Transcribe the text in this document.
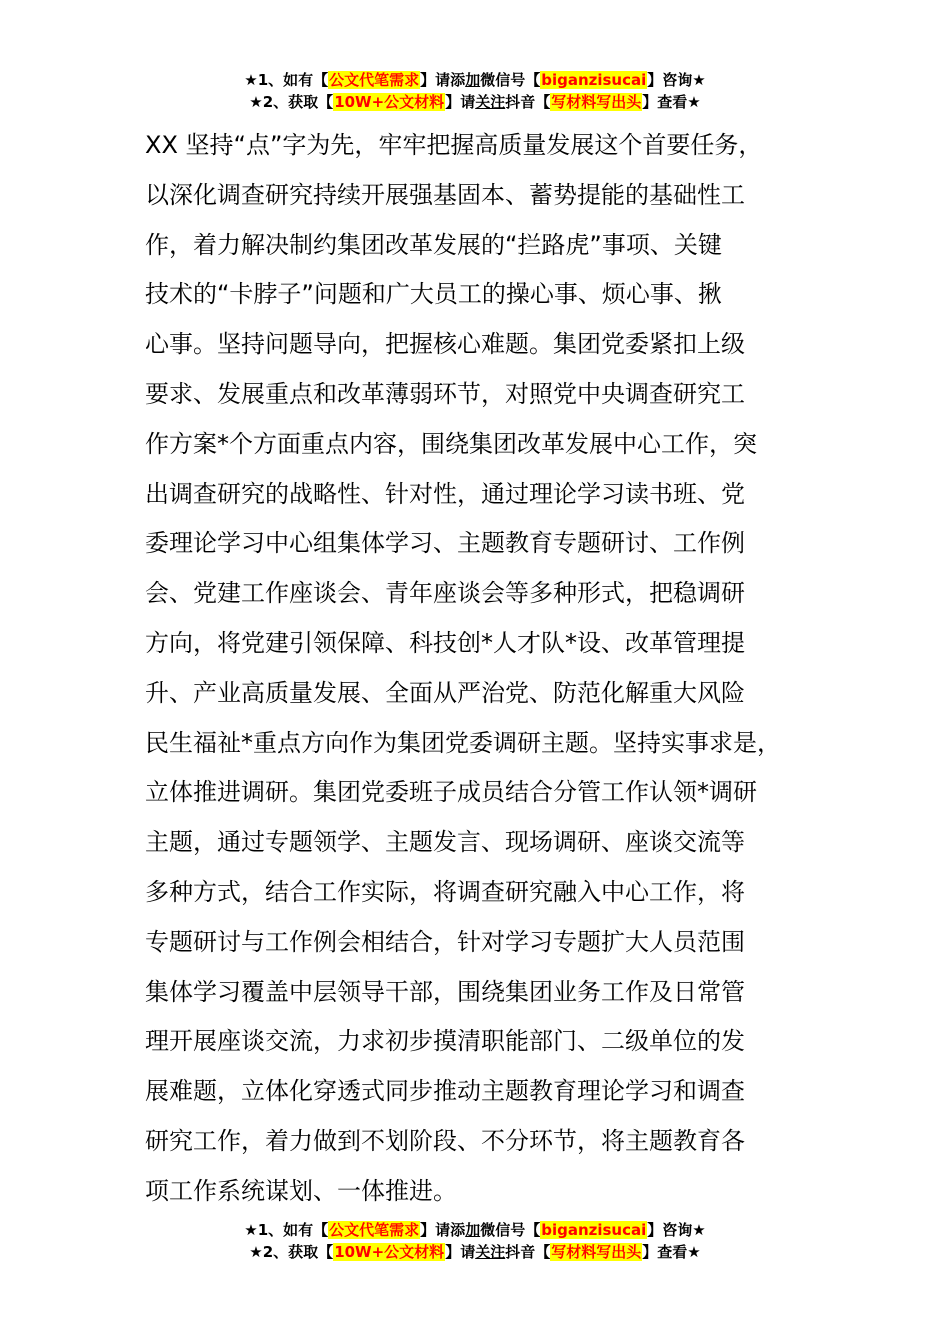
★1、如有【公文代笔需求】请添加微信号【biganzisucai】咨询★
★2、获取【10W+公文材料】请关注抖音【写材料写出头】查看★
XX 坚持“点”字为先，牢牢把握高质量发展这个首要任务，
以深化调查研究持续开展强基固本、蓄势提能的基础性工
作，着力解决制约集团改革发展的“拦路虎”事项、关键
技术的“卡脖子”问题和广大员工的操心事、烦心事、揪
心事。坚持问题导向，把握核心难题。集团党委紧扣上级
要求、发展重点和改革薄弱环节，对照党中央调查研究工
作方案*个方面重点内容，围绕集团改革发展中心工作，突
出调查研究的战略性、针对性，通过理论学习读书班、党
委理论学习中心组集体学习、主题教育专题研讨、工作例
会、党建工作座谈会、青年座谈会等多种形式，把稳调研
方向，将党建引领保障、科技创*人才队*设、改革管理提
升、产业高质量发展、全面从严治党、防范化解重大风险
民生福祉*重点方向作为集团党委调研主题。坚持实事求是，
立体推进调研。集团党委班子成员结合分管工作认领*调研
主题，通过专题领学、主题发言、现场调研、座谈交流等
多种方式，结合工作实际，将调查研究融入中心工作，将
专题研讨与工作例会相结合，针对学习专题扩大人员范围
集体学习覆盖中层领导干部，围绕集团业务工作及日常管
理开展座谈交流，力求初步摸清职能部门、二级单位的发
展难题，立体化穿透式同步推动主题教育理论学习和调查
研究工作，着力做到不划阶段、不分环节，将主题教育各
项工作系统谋划、一体推进。
★1、如有【公文代笔需求】请添加微信号【biganzisucai】咨询★
★2、获取【10W+公文材料】请关注抖音【写材料写出头】查看★
